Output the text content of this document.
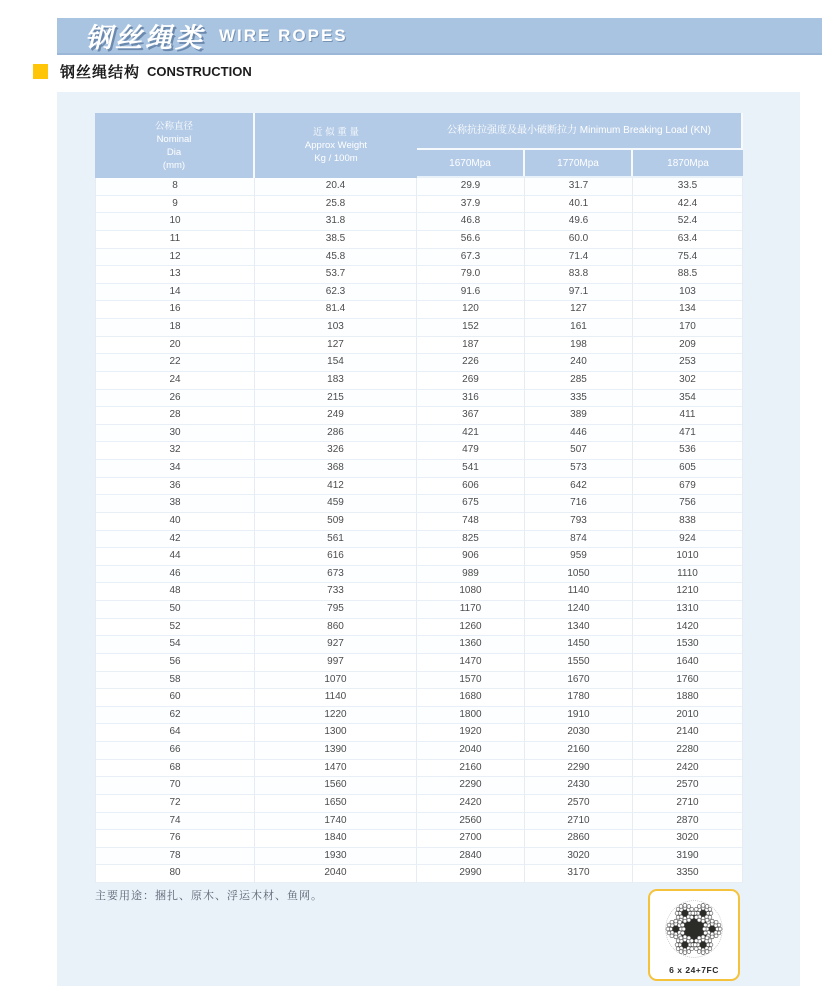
钢丝绳类 WIRE ROPES
钢丝绳结构 CONSTRUCTION
公称直径
Nominal
Dia
(mm)
近 似 重 量
Approx Weight
Kg / 100m
公称抗拉强度及最小破断拉力 Minimum Breaking Load (KN)
1670Mpa	1770Mpa	1870Mpa
8	20.4	29.9	31.7	33.5
9	25.8	37.9	40.1	42.4
10	31.8	46.8	49.6	52.4
11	38.5	56.6	60.0	63.4
12	45.8	67.3	71.4	75.4
13	53.7	79.0	83.8	88.5
14	62.3	91.6	97.1	103
16	81.4	120	127	134
18	103	152	161	170
20	127	187	198	209
22	154	226	240	253
24	183	269	285	302
26	215	316	335	354
28	249	367	389	411
30	286	421	446	471
32	326	479	507	536
34	368	541	573	605
36	412	606	642	679
38	459	675	716	756
40	509	748	793	838
42	561	825	874	924
44	616	906	959	1010
46	673	989	1050	1110
48	733	1080	1140	1210
50	795	1170	1240	1310
52	860	1260	1340	1420
54	927	1360	1450	1530
56	997	1470	1550	1640
58	1070	1570	1670	1760
60	1140	1680	1780	1880
62	1220	1800	1910	2010
64	1300	1920	2030	2140
66	1390	2040	2160	2280
68	1470	2160	2290	2420
70	1560	2290	2430	2570
72	1650	2420	2570	2710
74	1740	2560	2710	2870
76	1840	2700	2860	3020
78	1930	2840	3020	3190
80	2040	2990	3170	3350
主要用途：捆扎、原木、浮运木材、鱼网。
6 x 24+7FC
